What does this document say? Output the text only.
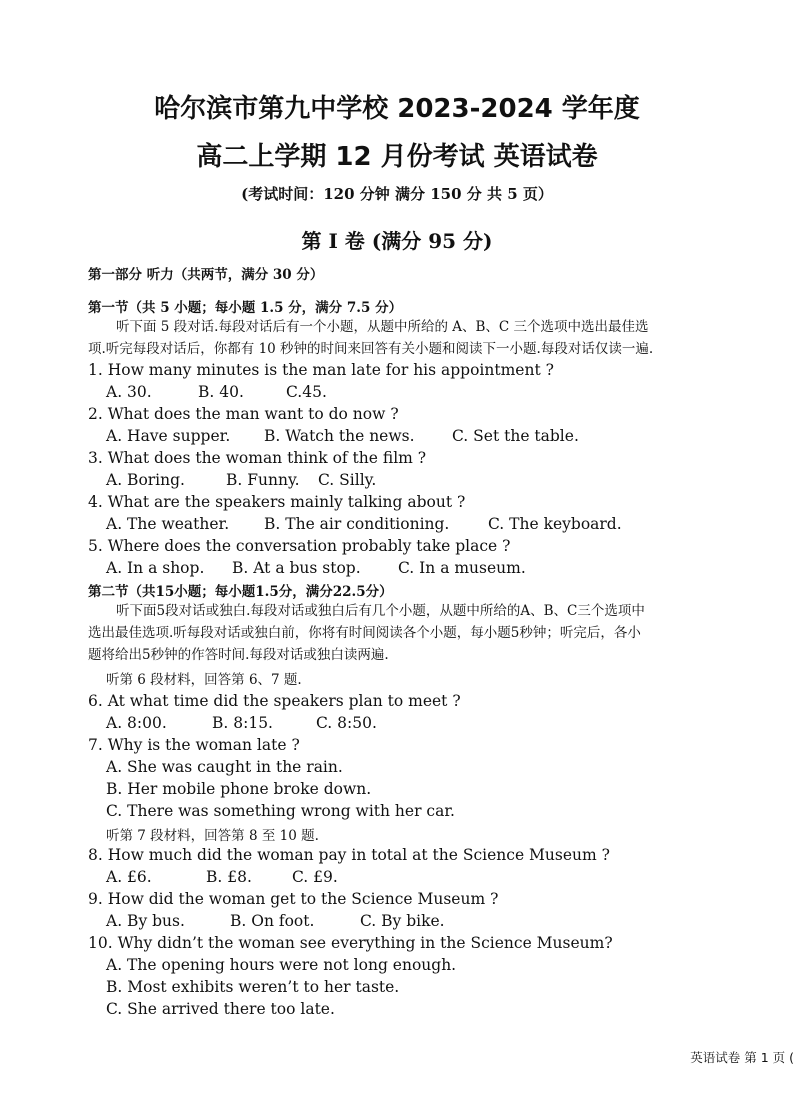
哈尔滨市第九中学校 2023-2024 学年度
高二上学期 12 月份考试 英语试卷
(考试时间：120 分钟 满分 150 分 共 5 页）
第 I 卷 (满分 95 分)
第一部分 听力（共两节，满分 30 分）
第一节（共 5 小题；每小题 1.5 分，满分 7.5 分）
听下面 5 段对话.每段对话后有一个小题，从题中所给的 A、B、C 三个选项中选出最佳选
项.听完每段对话后，你都有 10 秒钟的时间来回答有关小题和阅读下一小题.每段对话仅读一遍.
1. How many minutes is the man late for his appointment ?
A. 30.	B. 40.	C.45.
2. What does the man want to do now ?
A. Have supper. B. Watch the news. C. Set the table.
3. What does the woman think of the film ?
A. Boring.	B. Funny. C. Silly.
4. What are the speakers mainly talking about ?
A. The weather. B. The air conditioning. C. The keyboard.
5. Where does the conversation probably take place ?
A. In a shop. B. At a bus stop. C. In a museum.
第二节（共15小题；每小题1.5分，满分22.5分）
听下面5段对话或独白.每段对话或独白后有几个小题，从题中所给的A、B、C三个选项中
选出最佳选项.听每段对话或独白前，你将有时间阅读各个小题，每小题5秒钟；听完后，各小
题将给出5秒钟的作答时间.每段对话或独白读两遍.
听第 6 段材料，回答第 6、7 题.
6. At what time did the speakers plan to meet ?
A. 8:00.	B. 8:15.	C. 8:50.
7. Why is the woman late ?
A. She was caught in the rain.
B. Her mobile phone broke down.
C. There was something wrong with her car.
听第 7 段材料，回答第 8 至 10 题.
8. How much did the woman pay in total at the Science Museum ?
A. £6.	B. £8.	C. £9.
9. How did the woman get to the Science Museum ?
A. By bus.	B. On foot.	C. By bike.
10. Why didn’t the woman see everything in the Science Museum?
A. The opening hours were not long enough.
B. Most exhibits weren’t to her taste.
C. She arrived there too late.
英语试卷 第 1 页 (
